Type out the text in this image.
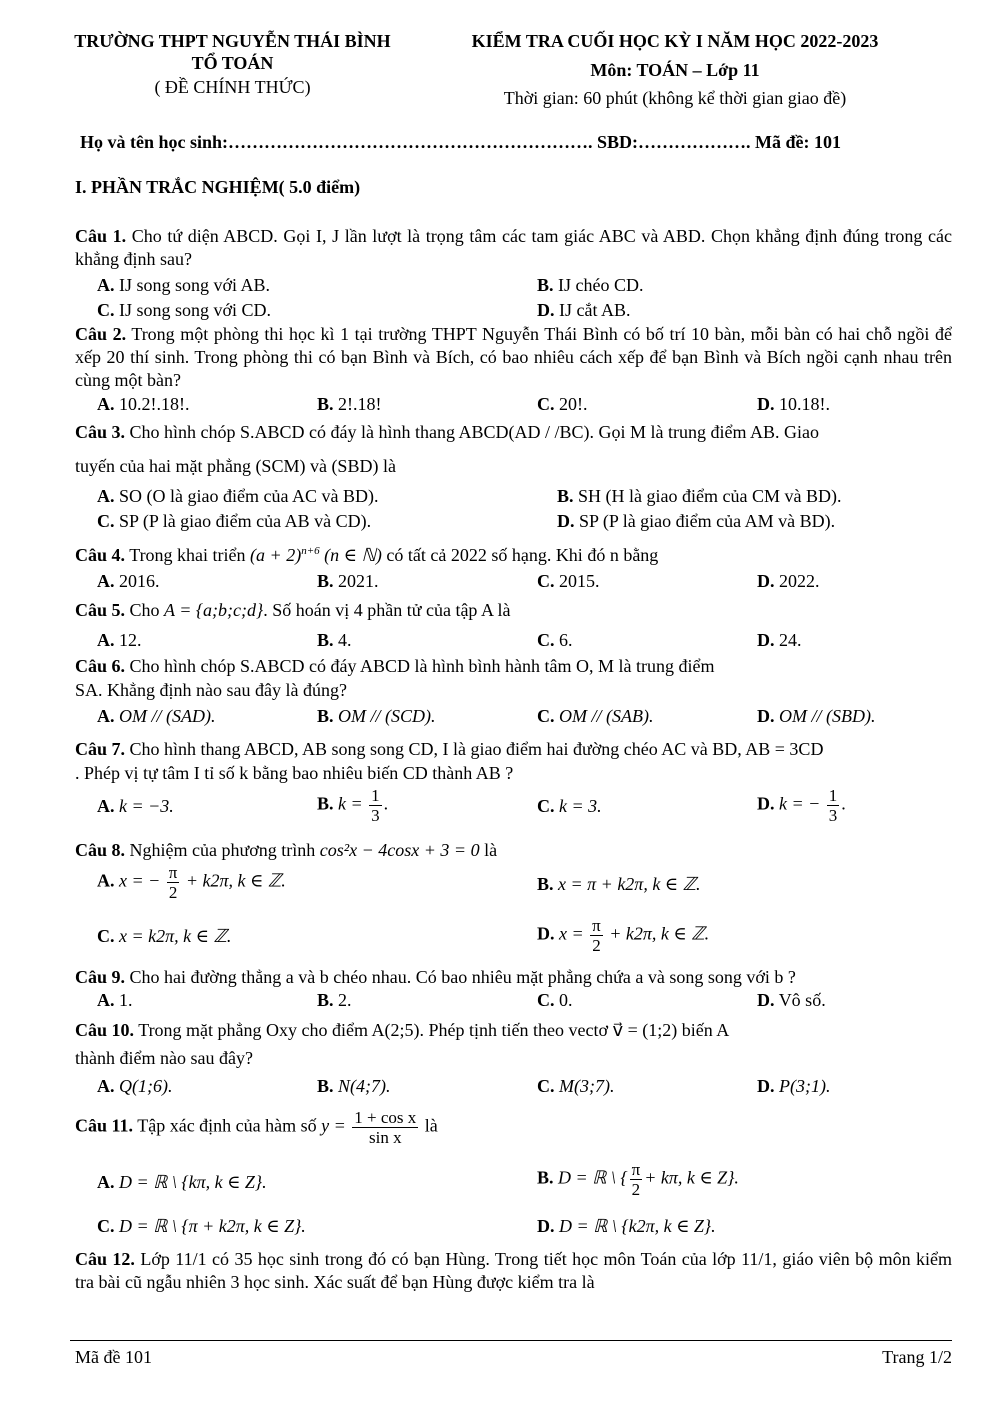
TRƯỜNG THPT NGUYỄN THÁI BÌNH
TỔ TOÁN
( ĐỀ CHÍNH THỨC)
KIỂM TRA CUỐI HỌC KỲ I NĂM HỌC 2022-2023
Môn: TOÁN – Lớp 11
Thời gian: 60 phút (không kể thời gian giao đề)
Họ và tên học sinh:……………………………………………………. SBD:………………. Mã đề: 101
I. PHẦN TRẮC NGHIỆM( 5.0 điểm)
Câu 1. Cho tứ diện ABCD. Gọi I, J lần lượt là trọng tâm các tam giác ABC và ABD. Chọn khẳng định đúng trong các khẳng định sau?
A. IJ song song với AB.	B. IJ chéo CD.
C. IJ song song với CD.	D. IJ cắt AB.
Câu 2. Trong một phòng thi học kì 1 tại trường THPT Nguyễn Thái Bình có bố trí 10 bàn, mỗi bàn có hai chỗ ngồi để xếp 20 thí sinh. Trong phòng thi có bạn Bình và Bích, có bao nhiêu cách xếp để bạn Bình và Bích ngồi cạnh nhau trên cùng một bàn?
A. 10.2!.18!.	B. 2!.18!	C. 20!.	D. 10.18!.
Câu 3. Cho hình chóp S.ABCD có đáy là hình thang ABCD(AD / /BC). Gọi M là trung điểm AB. Giao
tuyến của hai mặt phẳng (SCM) và (SBD) là
A. SO (O là giao điểm của AC và BD).	B. SH (H là giao điểm của CM và BD).
C. SP (P là giao điểm của AB và CD).	D. SP (P là giao điểm của AM và BD).
Câu 4. Trong khai triển $(a + 2)^{n+6}$ (n ∈ ℕ) có tất cả 2022 số hạng. Khi đó n bằng
A. 2016.	B. 2021.	C. 2015.	D. 2022.
Câu 5. Cho A = {a;b;c;d}. Số hoán vị 4 phần tử của tập A là
A. 12.	B. 4.	C. 6.	D. 24.
Câu 6. Cho hình chóp S.ABCD có đáy ABCD là hình bình hành tâm O, M là trung điểm
SA. Khẳng định nào sau đây là đúng?
A. OM // (SAD).	B. OM // (SCD).	C. OM // (SAB).	D. OM // (SBD).
Câu 7. Cho hình thang ABCD, AB song song CD, I là giao điểm hai đường chéo AC và BD, AB = 3CD
. Phép vị tự tâm I tỉ số k bằng bao nhiêu biến CD thành AB ?
A. k = −3.	B. $k = \frac{1}{3}$ .	C. k = 3.	D. k = − $\frac{1}{3}$ .
Câu 8. Nghiệm của phương trình cos²x − 4cosx + 3 = 0 là
A. x = − $\frac{\pi}{2} + k2\pi$, k ∈ ℤ.	B. x = π + k2π, k ∈ ℤ.
C. x = k2π, k ∈ ℤ.	D. $x = \frac{\pi}{2} + k2\pi$, k ∈ ℤ.
Câu 9. Cho hai đường thẳng a và b chéo nhau. Có bao nhiêu mặt phẳng chứa a và song song với b ?
A. 1.	B. 2.	C. 0.	D. Vô số.
Câu 10. Trong mặt phẳng Oxy cho điểm A(2;5). Phép tịnh tiến theo vectơ v⃗ = (1;2) biến A
thành điểm nào sau đây?
A. Q(1;6).	B. N(4;7).	C. M(3;7).	D. P(3;1).
Câu 11. Tập xác định của hàm số $y = \frac{\text{1 + cos x}}{\text{sin x}}$ là
A. D = ℝ \ {kπ, k ∈ Z}.	B. D = ℝ \ { $\frac{\pi}{2} + k\pi$, k ∈ Z}.
C. D = ℝ \ {π + k2π, k ∈ Z}.	D. D = ℝ \ {k2π, k ∈ Z}.
Câu 12. Lớp 11/1 có 35 học sinh trong đó có bạn Hùng. Trong tiết học môn Toán của lớp 11/1, giáo viên bộ môn kiểm tra bài cũ ngẫu nhiên 3 học sinh. Xác suất để bạn Hùng được kiểm tra là
Mã đề 101	Trang 1/2
